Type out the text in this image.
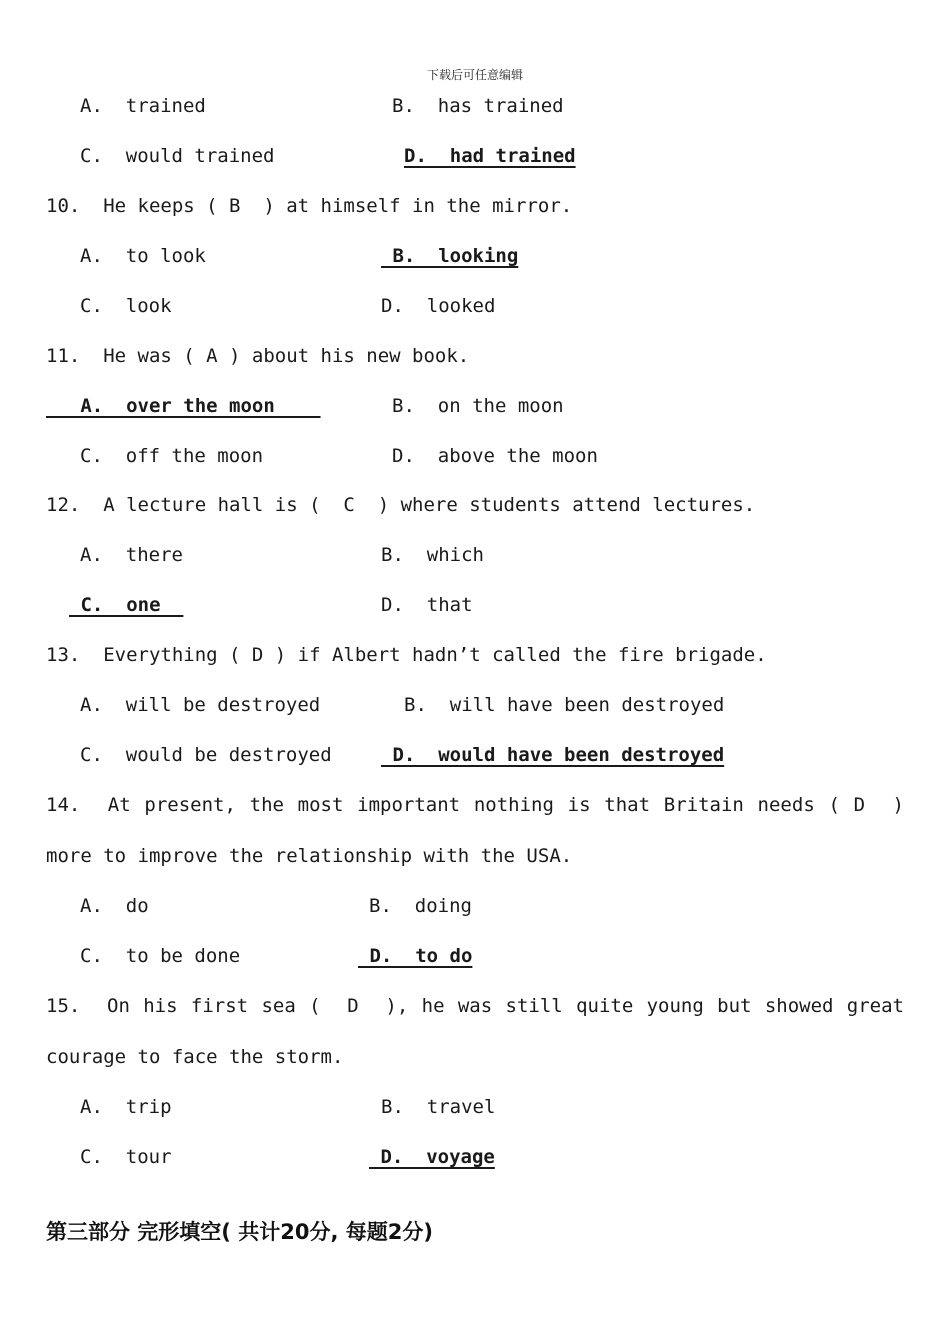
下载后可任意编辑
A.  trained	B.  has trained
C.  would trained	D.  had trained
10.  He keeps ( B  ) at himself in the mirror.
A.  to look	B.  looking
C.  look	D.  looked
11.  He was ( A ) about his new book.
A.  over the moon	B.  on the moon
C.  off the moon	D.  above the moon
12.  A lecture hall is (  C  ) where students attend lectures.
A.  there	B.  which
C.  one	D.  that
13.  Everything ( D ) if Albert hadn’t called the fire brigade.
A.  will be destroyed	B.  will have been destroyed
C.  would be destroyed	D.  would have been destroyed
14.  At present, the most important nothing is that Britain needs ( D  )
more to improve the relationship with the USA.
A.  do	B.  doing
C.  to be done	D.  to do
15.  On his first sea (  D  ), he was still quite young but showed great
courage to face the storm.
A.  trip	B.  travel
C.  tour	D.  voyage
第三部分 完形填空( 共计20分, 每题2分)
